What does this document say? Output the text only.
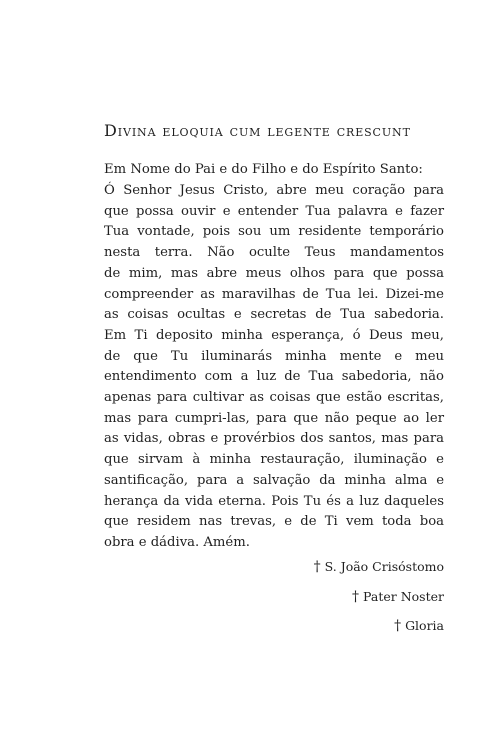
Divina eloquia cum legente crescunt
Em Nome do Pai e do Filho e do Espírito Santo:
Ó Senhor Jesus Cristo, abre meu coração para
que possa ouvir e entender Tua palavra e fazer
Tua vontade, pois sou um residente temporário
nesta terra. Não oculte Teus mandamentos
de mim, mas abre meus olhos para que possa
compreender as maravilhas de Tua lei. Dizei-me
as coisas ocultas e secretas de Tua sabedoria.
Em Ti deposito minha esperança, ó Deus meu,
de que Tu iluminarás minha mente e meu
entendimento com a luz de Tua sabedoria, não
apenas para cultivar as coisas que estão escritas,
mas para cumpri-las, para que não peque ao ler
as vidas, obras e provérbios dos santos, mas para
que sirvam à minha restauração, iluminação e
santificação, para a salvação da minha alma e
herança da vida eterna. Pois Tu és a luz daqueles
que residem nas trevas, e de Ti vem toda boa
obra e dádiva. Amém.
† S. João Crisóstomo
† Pater Noster
† Gloria
